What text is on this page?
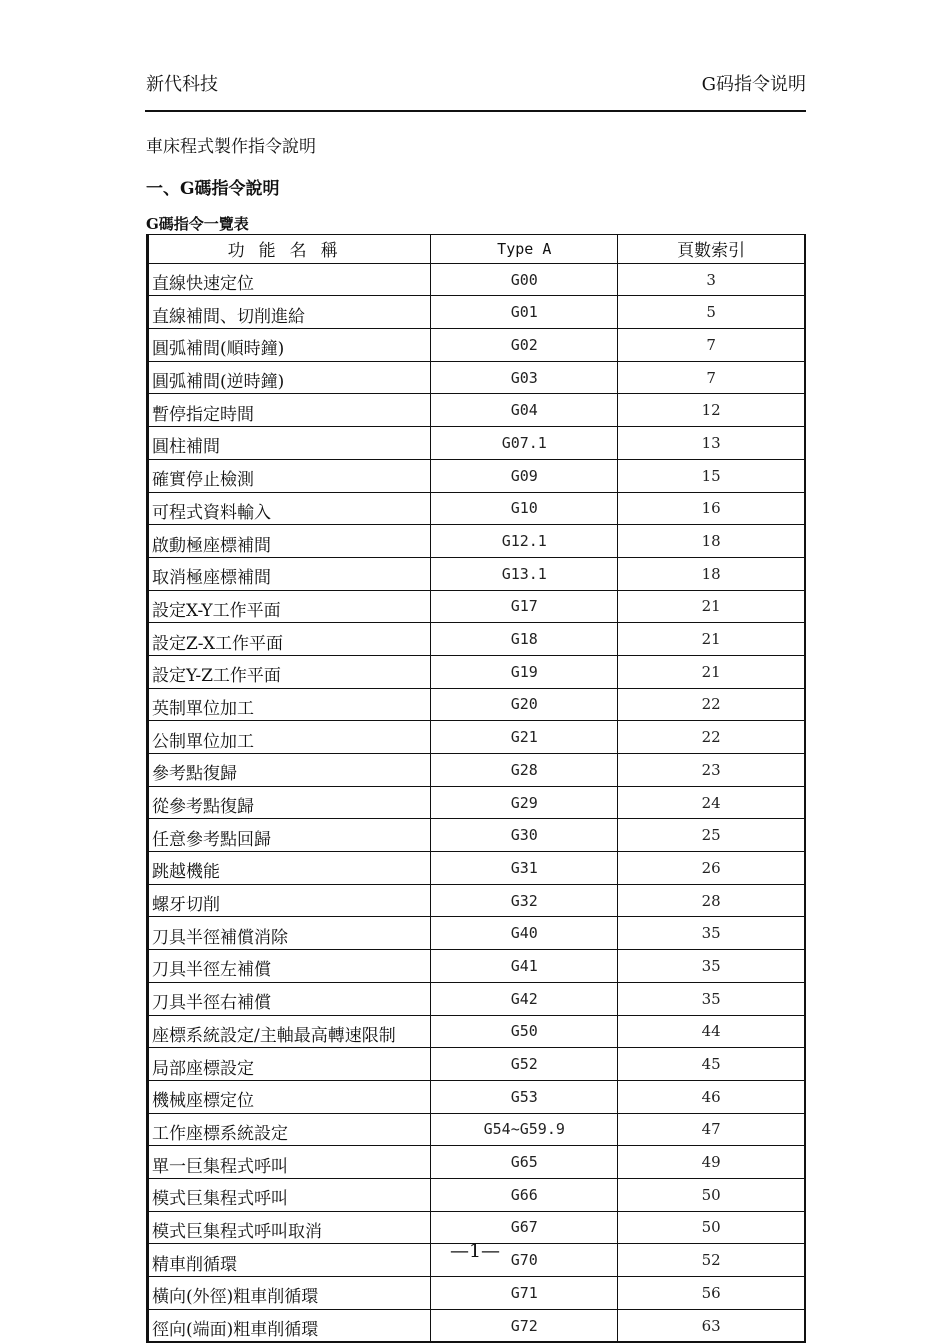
新代科技	G码指令说明
車床程式製作指令說明
一、G碼指令說明
G碼指令一覽表
功能名稱	Type A	頁數索引
直線快速定位	G00	3
直線補間、切削進給	G01	5
圓弧補間(順時鐘)	G02	7
圓弧補間(逆時鐘)	G03	7
暫停指定時間	G04	12
圓柱補間	G07.1	13
確實停止檢測	G09	15
可程式資料輸入	G10	16
啟動極座標補間	G12.1	18
取消極座標補間	G13.1	18
設定X-Y工作平面	G17	21
設定Z-X工作平面	G18	21
設定Y-Z工作平面	G19	21
英制單位加工	G20	22
公制單位加工	G21	22
參考點復歸	G28	23
從參考點復歸	G29	24
任意參考點回歸	G30	25
跳越機能	G31	26
螺牙切削	G32	28
刀具半徑補償消除	G40	35
刀具半徑左補償	G41	35
刀具半徑右補償	G42	35
座標系統設定/主軸最高轉速限制	G50	44
局部座標設定	G52	45
機械座標定位	G53	46
工作座標系統設定	G54~G59.9	47
單一巨集程式呼叫	G65	49
模式巨集程式呼叫	G66	50
模式巨集程式呼叫取消	G67	50
精車削循環	G70	52
橫向(外徑)粗車削循環	G71	56
徑向(端面)粗車削循環	G72	63
—1—
